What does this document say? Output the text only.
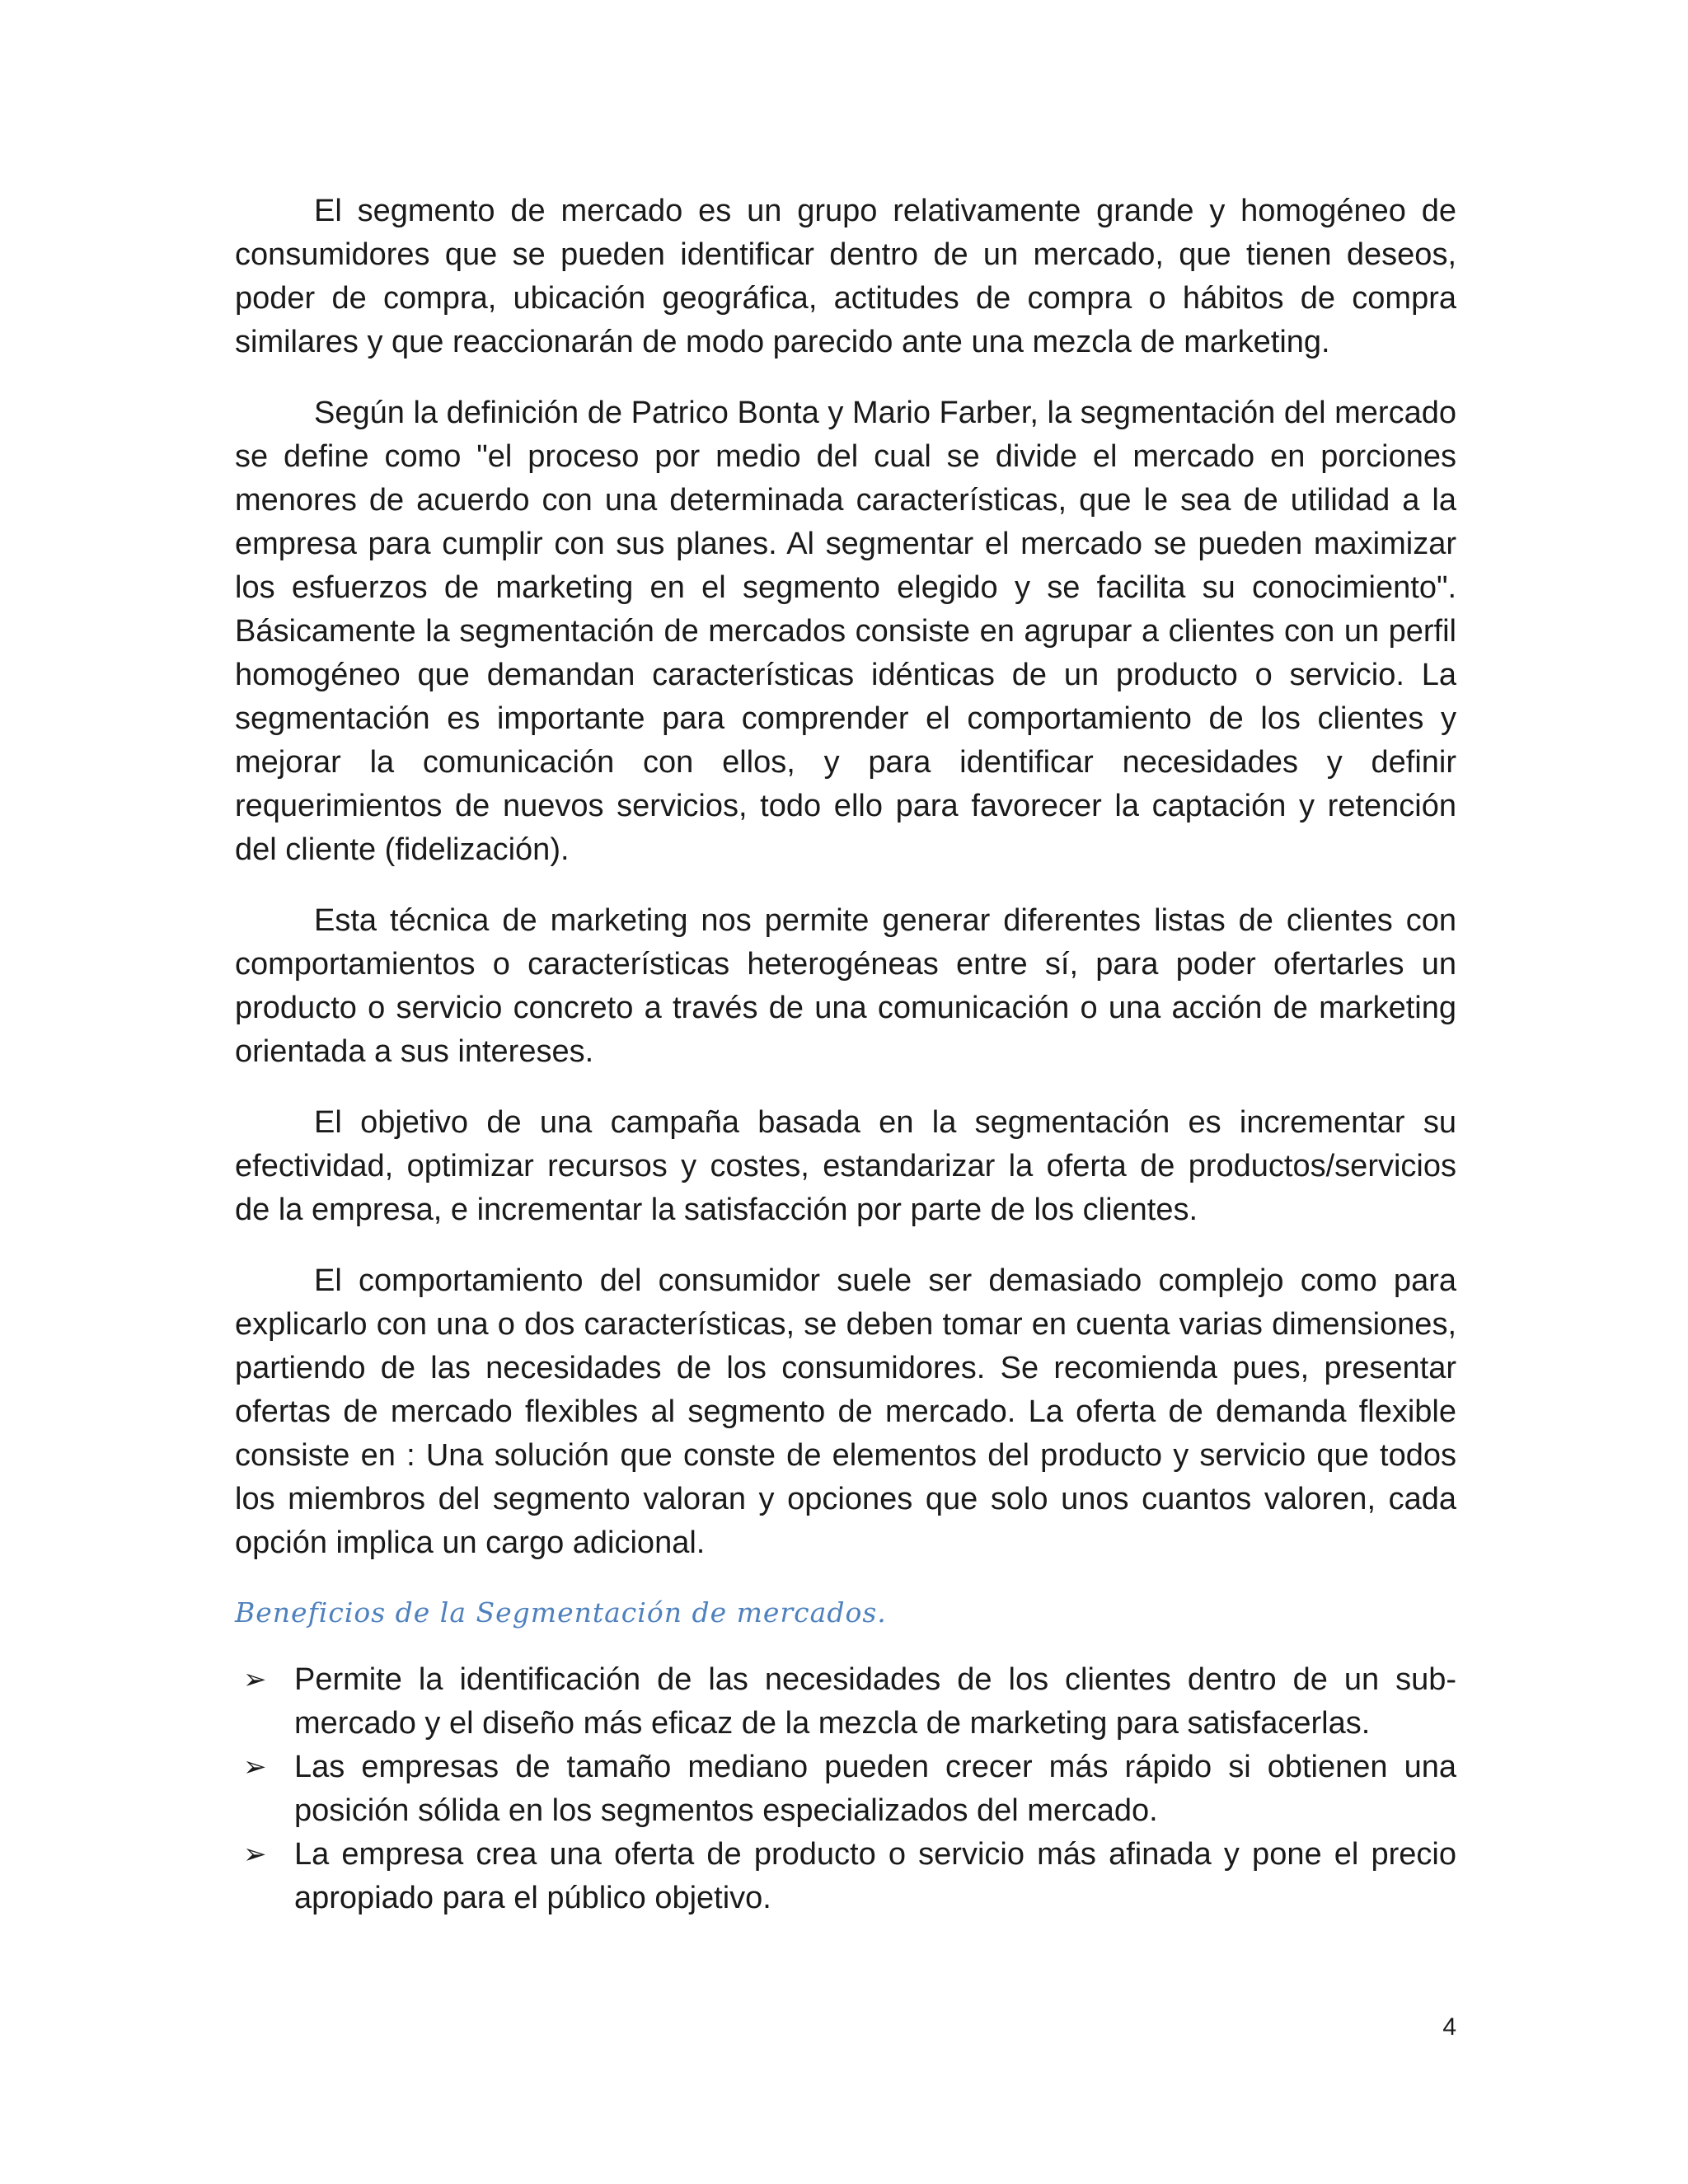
El segmento de mercado es un grupo relativamente grande y homogéneo de consumidores que se pueden identificar dentro de un mercado, que tienen deseos, poder de compra, ubicación geográfica, actitudes de compra o hábitos de compra similares y que reaccionarán de modo parecido ante una mezcla de marketing.

Según la definición de Patrico Bonta y Mario Farber, la segmentación del mercado se define como "el proceso por medio del cual se divide el mercado en porciones menores de acuerdo con una determinada características, que le sea de utilidad a la empresa para cumplir con sus planes. Al segmentar el mercado se pueden maximizar los esfuerzos de marketing en el segmento elegido y se facilita su conocimiento". Básicamente la segmentación de mercados consiste en agrupar a clientes con un perfil homogéneo que demandan características idénticas de un producto o servicio. La segmentación es importante para comprender el comportamiento de los clientes y mejorar la comunicación con ellos, y para identificar necesidades y definir requerimientos de nuevos servicios, todo ello para favorecer la captación y retención del cliente (fidelización).

Esta técnica de marketing nos permite generar diferentes listas de clientes con comportamientos o características heterogéneas entre sí, para poder ofertarles un producto o servicio concreto a través de una comunicación o una acción de marketing orientada a sus intereses.

El objetivo de una campaña basada en la segmentación es incrementar su efectividad, optimizar recursos y costes, estandarizar la oferta de productos/servicios de la empresa, e incrementar la satisfacción por parte de los clientes.

El comportamiento del consumidor suele ser demasiado complejo como para explicarlo con una o dos características, se deben tomar en cuenta varias dimensiones, partiendo de las necesidades de los consumidores. Se recomienda pues, presentar ofertas de mercado flexibles al segmento de mercado. La oferta de demanda flexible consiste en : Una solución que conste de elementos del producto y servicio que todos los miembros del segmento valoran y opciones que solo unos cuantos valoren, cada opción implica un cargo adicional.

Beneficios de la Segmentación de mercados.
➢ Permite la identificación de las necesidades de los clientes dentro de un sub-mercado y el diseño más eficaz de la mezcla de marketing para satisfacerlas.
➢ Las empresas de tamaño mediano pueden crecer más rápido si obtienen una posición sólida en los segmentos especializados del mercado.
➢ La empresa crea una oferta de producto o servicio más afinada y pone el precio apropiado para el público objetivo.
4
